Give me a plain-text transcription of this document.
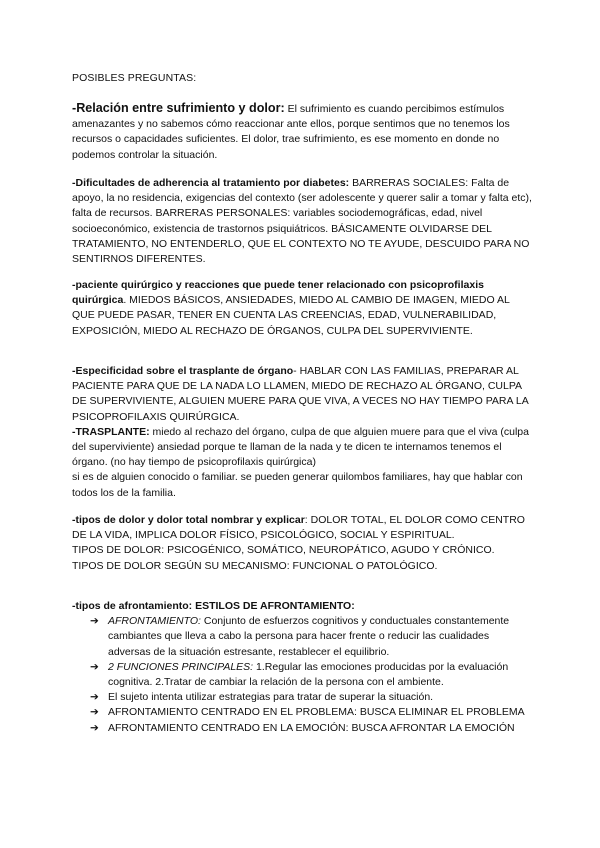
POSIBLES PREGUNTAS:

-Relación entre sufrimiento y dolor: El sufrimiento es cuando percibimos estímulos amenazantes y no sabemos cómo reaccionar ante ellos, porque sentimos que no tenemos los recursos o capacidades suficientes. El dolor, trae sufrimiento, es ese momento en donde no podemos controlar la situación.

-Dificultades de adherencia al tratamiento por diabetes: BARRERAS SOCIALES: Falta de apoyo, la no residencia, exigencias del contexto (ser adolescente y querer salir a tomar y falta etc), falta de recursos. BARRERAS PERSONALES: variables sociodemográficas, edad, nivel socioeconómico, existencia de trastornos psiquiátricos. BÁSICAMENTE OLVIDARSE DEL TRATAMIENTO, NO ENTENDERLO, QUE EL CONTEXTO NO TE AYUDE, DESCUIDO PARA NO SENTIRNOS DIFERENTES.

-paciente quirúrgico y reacciones que puede tener relacionado con psicoprofilaxis quirúrgica. MIEDOS BÁSICOS, ANSIEDADES, MIEDO AL CAMBIO DE IMAGEN, MIEDO AL QUE PUEDE PASAR, TENER EN CUENTA LAS CREENCIAS, EDAD, VULNERABILIDAD, EXPOSICIÓN, MIEDO AL RECHAZO DE ÓRGANOS, CULPA DEL SUPERVIVIENTE.

-Especificidad sobre el trasplante de órgano- HABLAR CON LAS FAMILIAS, PREPARAR AL PACIENTE PARA QUE DE LA NADA LO LLAMEN, MIEDO DE RECHAZO AL ÓRGANO, CULPA DE SUPERVIVIENTE, ALGUIEN MUERE PARA QUE VIVA, A VECES NO HAY TIEMPO PARA LA PSICOPROFILAXIS QUIRÚRGICA.

-TRASPLANTE: miedo al rechazo del órgano, culpa de que alguien muere para que el viva (culpa del superviviente) ansiedad porque te llaman de la nada y te dicen te internamos tenemos el órgano. (no hay tiempo de psicoprofilaxis quirúrgica)

si es de alguien conocido o familiar. se pueden generar quilombos familiares, hay que hablar con todos los de la familia.

-tipos de dolor y dolor total nombrar y explicar: DOLOR TOTAL, EL DOLOR COMO CENTRO DE LA VIDA, IMPLICA DOLOR FÍSICO, PSICOLÓGICO, SOCIAL Y ESPIRITUAL.

TIPOS DE DOLOR: PSICOGÉNICO, SOMÁTICO, NEUROPÁTICO, AGUDO Y CRÓNICO.

TIPOS DE DOLOR SEGÚN SU MECANISMO: FUNCIONAL O PATOLÓGICO.

-tipos de afrontamiento: ESTILOS DE AFRONTAMIENTO:

➔ AFRONTAMIENTO: Conjunto de esfuerzos cognitivos y conductuales constantemente cambiantes que lleva a cabo la persona para hacer frente o reducir las cualidades adversas de la situación estresante, restablecer el equilibrio.
➔ 2 FUNCIONES PRINCIPALES: 1.Regular las emociones producidas por la evaluación cognitiva. 2.Tratar de cambiar la relación de la persona con el ambiente.
➔ El sujeto intenta utilizar estrategias para tratar de superar la situación.
➔ AFRONTAMIENTO CENTRADO EN EL PROBLEMA: BUSCA ELIMINAR EL PROBLEMA
➔ AFRONTAMIENTO CENTRADO EN LA EMOCIÓN: BUSCA AFRONTAR LA EMOCIÓN
